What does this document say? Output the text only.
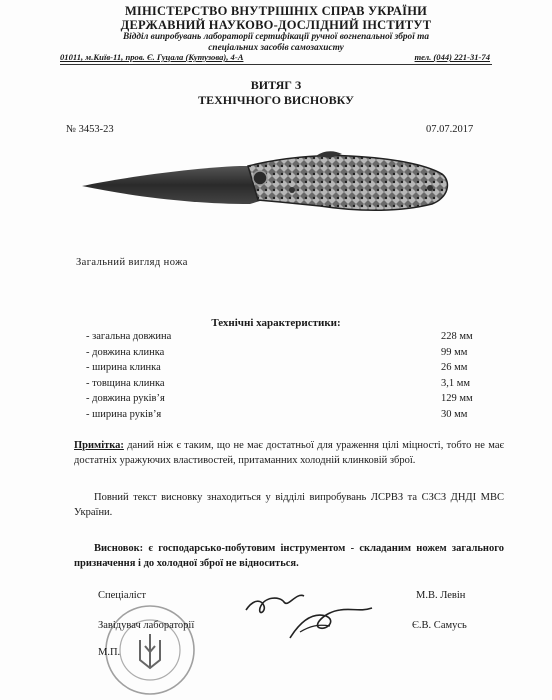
МІНІСТЕРСТВО ВНУТРІШНІХ СПРАВ УКРАЇНИ
ДЕРЖАВНИЙ НАУКОВО-ДОСЛІДНИЙ ІНСТИТУТ
Відділ випробувань лабораторії сертифікації ручної вогнепальної зброї та
спеціальних засобів самозахисту
01011, м.Київ-11, пров. Є. Гуцала (Кутузова), 4-А	тел. (044) 221-31-74
ВИТЯГ З
ТЕХНІЧНОГО ВИСНОВКУ
№ 3453-23	07.07.2017
Загальний вигляд ножа
Технічні характеристики:
- загальна довжина	228 мм
- довжина клинка	99 мм
- ширина клинка	26 мм
- товщина клинка	3,1 мм
- довжина рукiв’я	129 мм
- ширина рукiв’я	30 мм
Примітка: даний ніж є таким, що не має достатньої для ураження цілі міцності, тобто не має достатніх уражуючих властивостей, притаманних холодній клинковій зброї.
Повний текст висновку знаходиться у відділі випробувань ЛСРВЗ та СЗСЗ ДНДІ МВС України.
Висновок: є господарсько-побутовим інструментом - складаним ножем загального призначення і до холодної зброї не відноситься.
Спеціаліст	М.В. Левін
Завідувач лабораторії	Є.В. Самусь
М.П.
